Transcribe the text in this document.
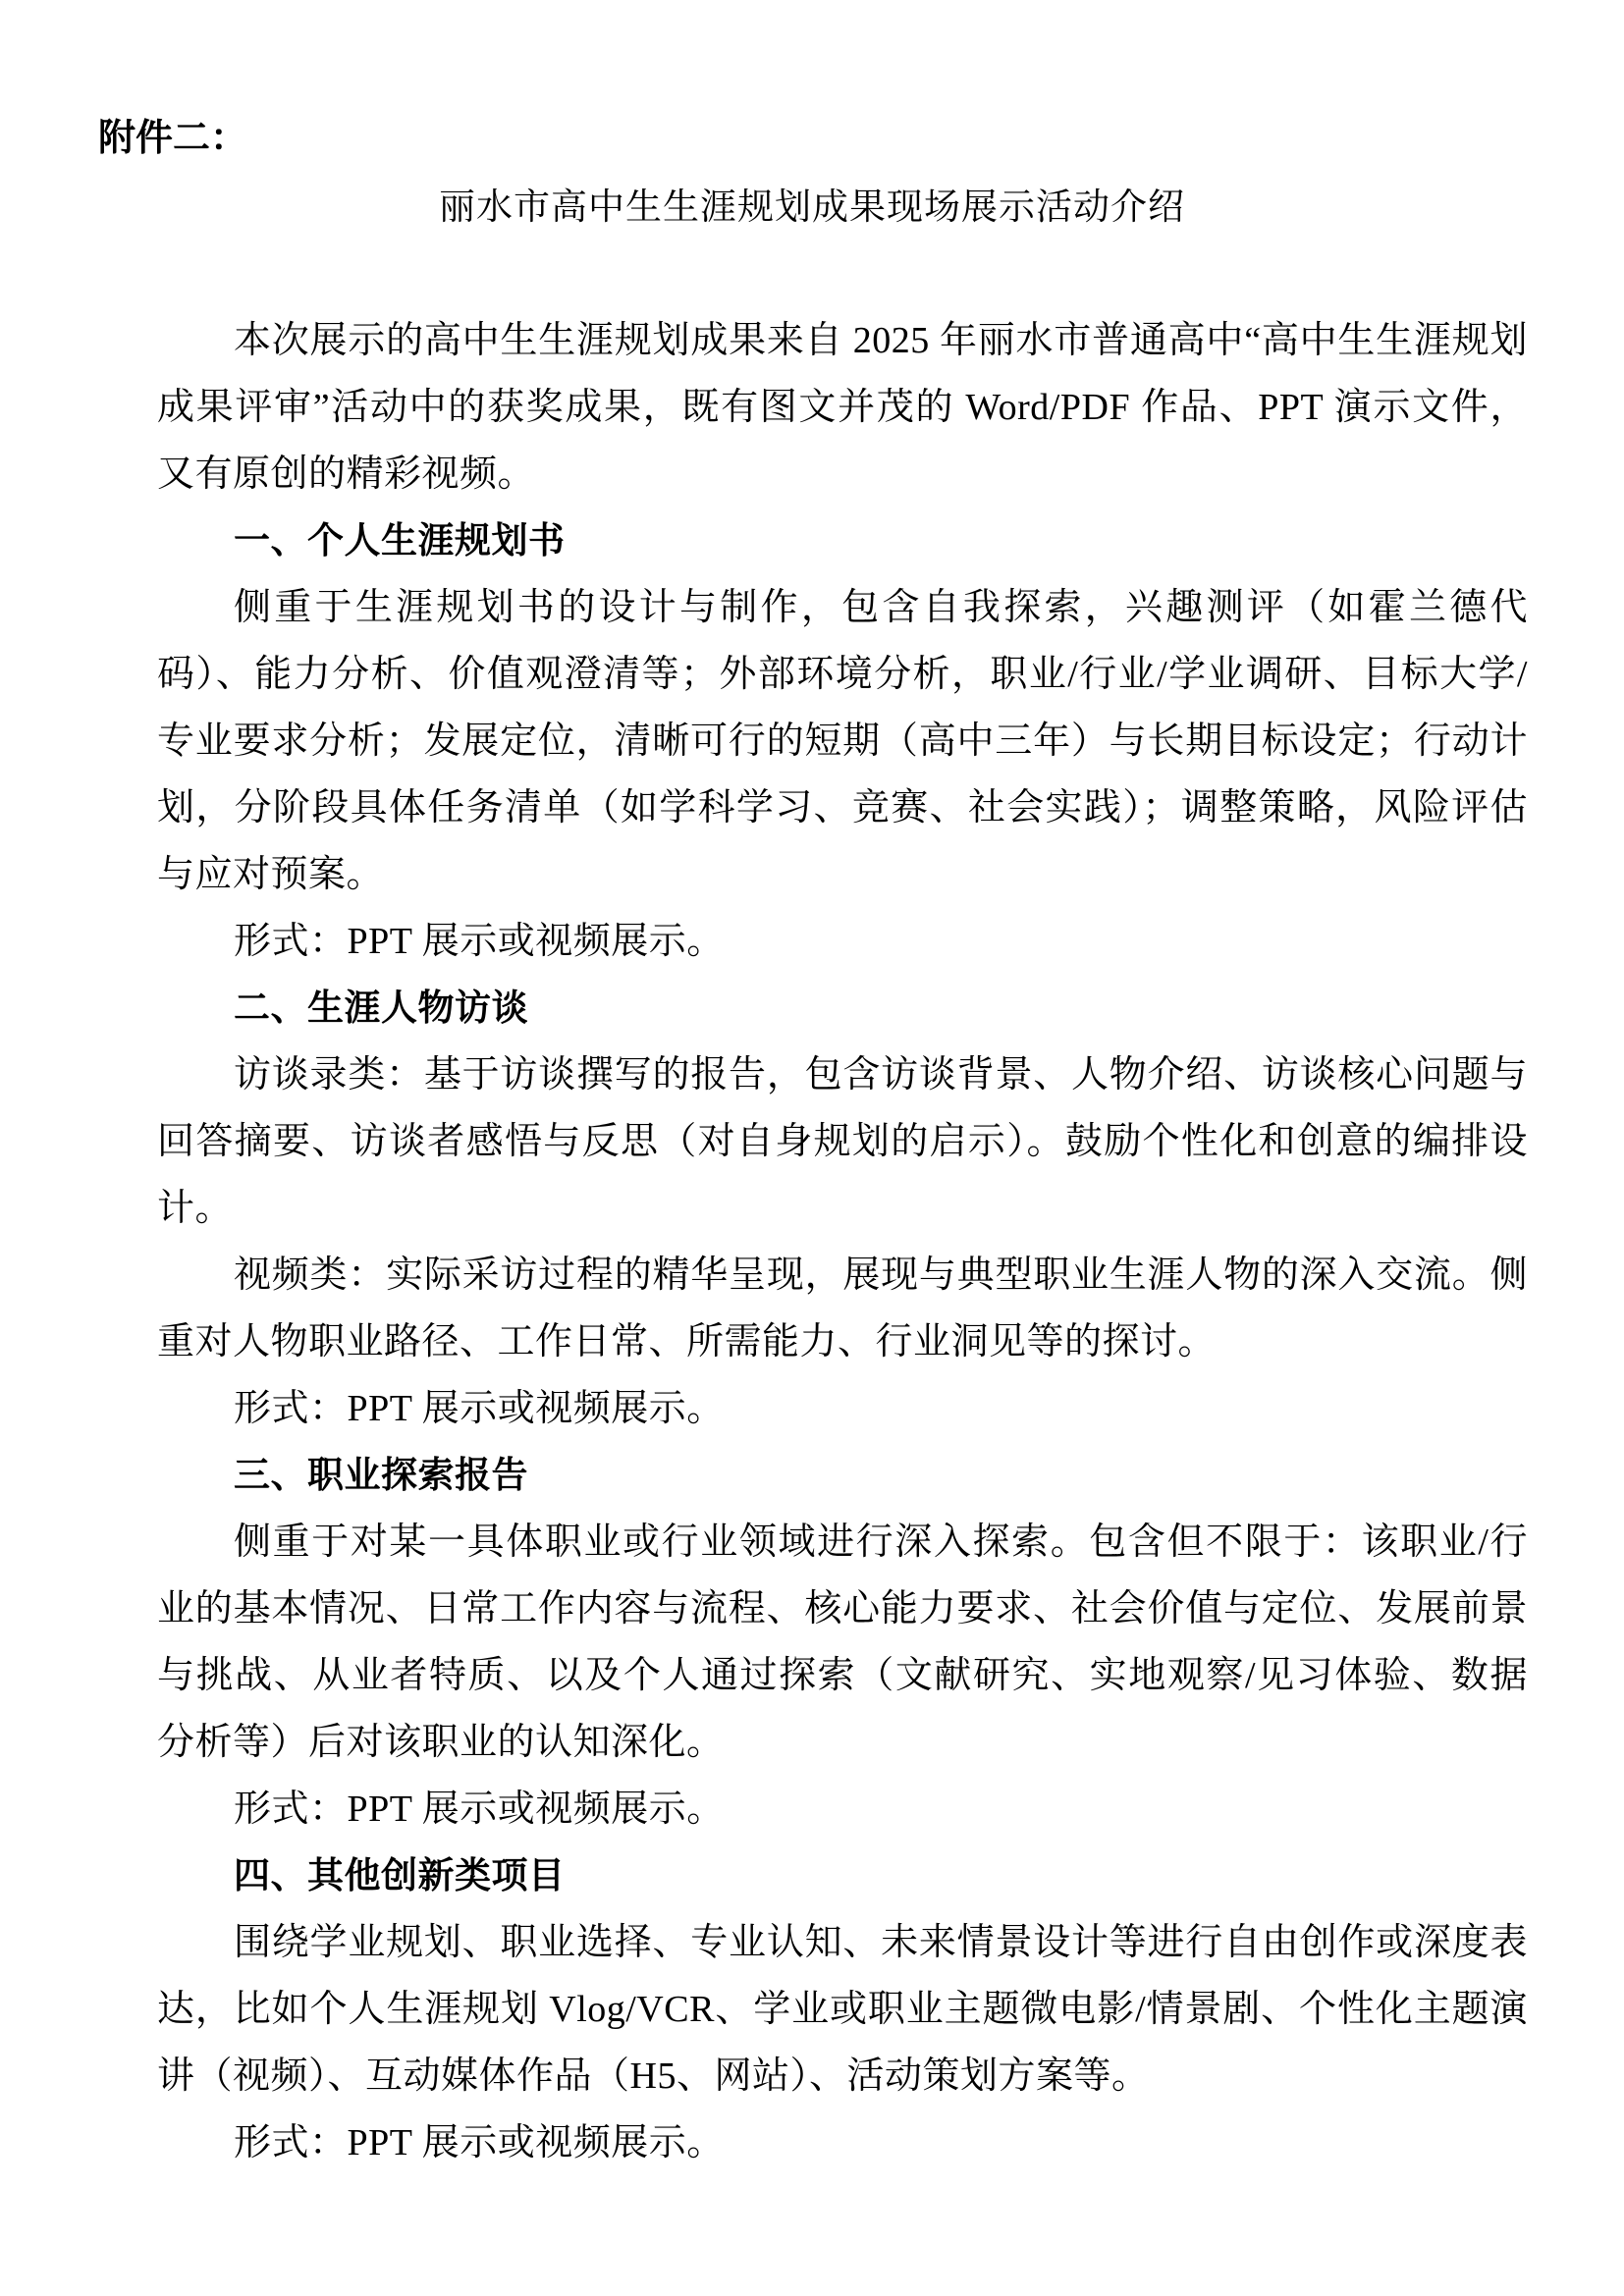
附件二：
丽水市高中生生涯规划成果现场展示活动介绍

本次展示的高中生生涯规划成果来自 2025 年丽水市普通高中“高中生生涯规划成果评审”活动中的获奖成果，既有图文并茂的 Word/PDF 作品、PPT 演示文件，又有原创的精彩视频。

一、个人生涯规划书

侧重于生涯规划书的设计与制作，包含自我探索，兴趣测评（如霍兰德代码）、能力分析、价值观澄清等；外部环境分析，职业/行业/学业调研、目标大学/专业要求分析；发展定位，清晰可行的短期（高中三年）与长期目标设定；行动计划，分阶段具体任务清单（如学科学习、竞赛、社会实践）；调整策略，风险评估与应对预案。

形式：PPT 展示或视频展示。

二、生涯人物访谈

访谈录类：基于访谈撰写的报告，包含访谈背景、人物介绍、访谈核心问题与回答摘要、访谈者感悟与反思（对自身规划的启示）。鼓励个性化和创意的编排设计。

视频类：实际采访过程的精华呈现，展现与典型职业生涯人物的深入交流。侧重对人物职业路径、工作日常、所需能力、行业洞见等的探讨。

形式：PPT 展示或视频展示。

三、职业探索报告

侧重于对某一具体职业或行业领域进行深入探索。包含但不限于：该职业/行业的基本情况、日常工作内容与流程、核心能力要求、社会价值与定位、发展前景与挑战、从业者特质、以及个人通过探索（文献研究、实地观察/见习体验、数据分析等）后对该职业的认知深化。

形式：PPT 展示或视频展示。

四、其他创新类项目

围绕学业规划、职业选择、专业认知、未来情景设计等进行自由创作或深度表达，比如个人生涯规划 Vlog/VCR、学业或职业主题微电影/情景剧、个性化主题演讲（视频）、互动媒体作品（H5、网站）、活动策划方案等。

形式：PPT 展示或视频展示。
